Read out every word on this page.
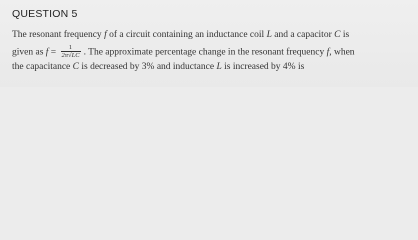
QUESTION 5
The resonant frequency f of a circuit containing an inductance coil L and a capacitor C is
given as $f = \frac{1}{2\pi√LC}$ . The approximate percentage change in the resonant frequency f, when
the capacitance C is decreased by 3% and inductance L is increased by 4% is
